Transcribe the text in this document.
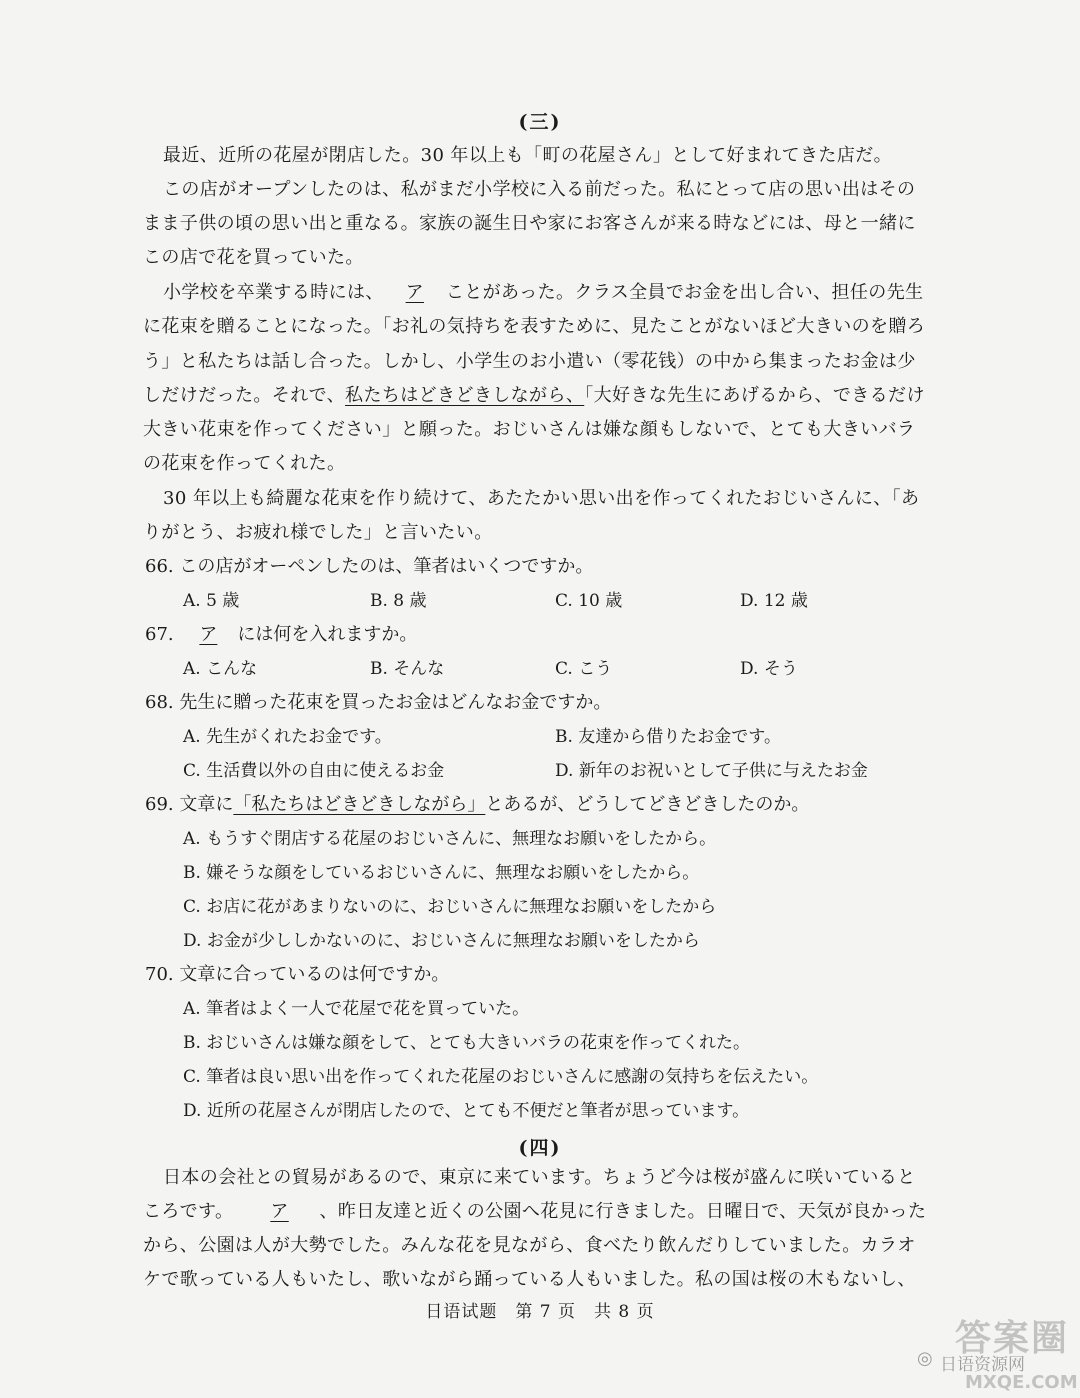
(三)
最近、近所の花屋が閉店した。30 年以上も「町の花屋さん」として好まれてきた店だ。
この店がオープンしたのは、私がまだ小学校に入る前だった。私にとって店の思い出はその
まま子供の頃の思い出と重なる。家族の誕生日や家にお客さんが来る時などには、母と一緒に
この店で花を買っていた。
小学校を卒業する時には、 ア ことがあった。クラス全員でお金を出し合い、担任の先生
に花束を贈ることになった。「お礼の気持ちを表すために、見たことがないほど大きいのを贈ろ
う」と私たちは話し合った。しかし、小学生のお小遣い（零花钱）の中から集まったお金は少
しだけだった。それで、私たちはどきどきしながら、「大好きな先生にあげるから、できるだけ
大きい花束を作ってください」と願った。おじいさんは嫌な顔もしないで、とても大きいバラ
の花束を作ってくれた。
30 年以上も綺麗な花束を作り続けて、あたたかい思い出を作ってくれたおじいさんに、「あ
りがとう、お疲れ様でした」と言いたい。
66. この店がオーペンしたのは、筆者はいくつですか。
A. 5 歳	B. 8 歳	C. 10 歳	D. 12 歳
67. ア には何を入れますか。
A. こんな	B. そんな	C. こう	D. そう
68. 先生に贈った花束を買ったお金はどんなお金ですか。
A. 先生がくれたお金です。	B. 友達から借りたお金です。
C. 生活費以外の自由に使えるお金	D. 新年のお祝いとして子供に与えたお金
69. 文章に「私たちはどきどきしながら」とあるが、どうしてどきどきしたのか。
A. もうすぐ閉店する花屋のおじいさんに、無理なお願いをしたから。
B. 嫌そうな顔をしているおじいさんに、無理なお願いをしたから。
C. お店に花があまりないのに、おじいさんに無理なお願いをしたから
D. お金が少ししかないのに、おじいさんに無理なお願いをしたから
70. 文章に合っているのは何ですか。
A. 筆者はよく一人で花屋で花を買っていた。
B. おじいさんは嫌な顔をして、とても大きいバラの花束を作ってくれた。
C. 筆者は良い思い出を作ってくれた花屋のおじいさんに感謝の気持ちを伝えたい。
D. 近所の花屋さんが閉店したので、とても不便だと筆者が思っています。
(四)
日本の会社との貿易があるので、東京に来ています。ちょうど今は桜が盛んに咲いていると
ころです。 ア 、昨日友達と近くの公園へ花見に行きました。日曜日で、天気が良かった
から、公園は人が大勢でした。みんな花を見ながら、食べたり飲んだりしていました。カラオ
ケで歌っている人もいたし、歌いながら踊っている人もいました。私の国は桜の木もないし、
日语试题　第 7 页　共 8 页
答案圈
◎ 日语资源网
MXQE.COM
